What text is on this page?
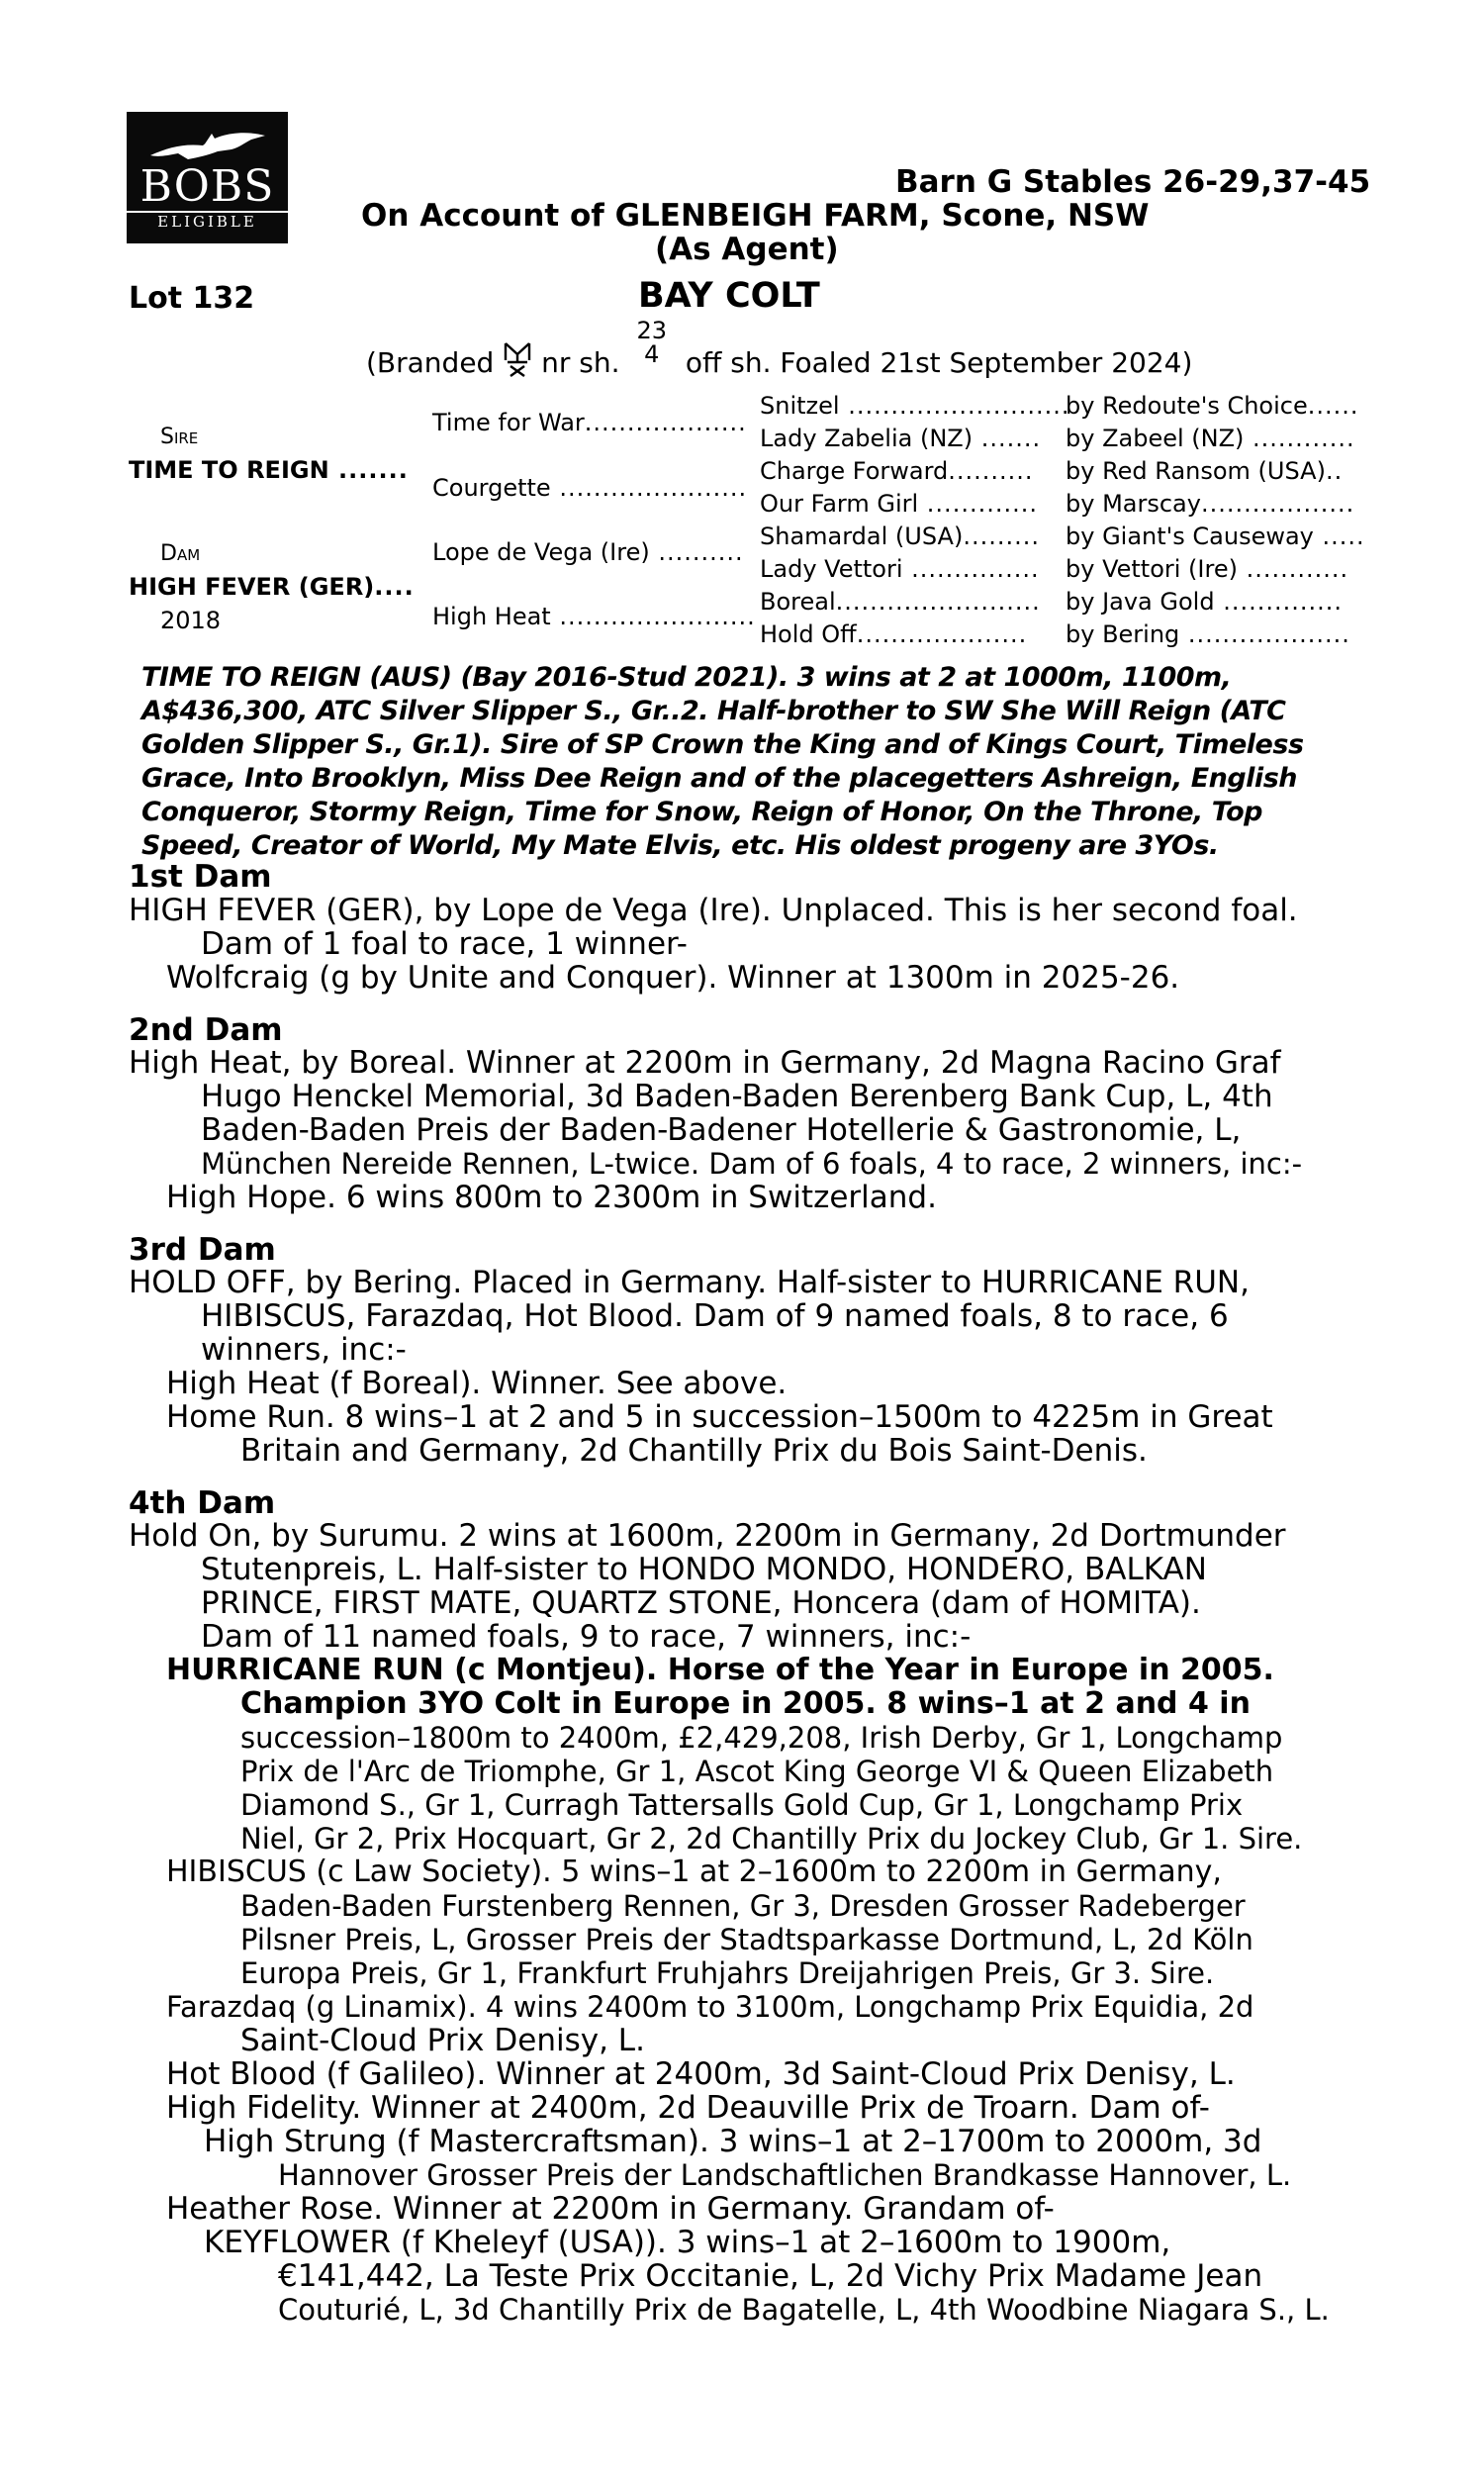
BOBS
ELIGIBLE
Barn G Stables 26-29,37-45
On Account of GLENBEIGH FARM, Scone, NSW
(As Agent)
Lot 132	BAY COLT
(Branded nr sh.
23
4 off sh. Foaled 21st September 2024)
Sire
TIME TO REIGN .......
Dam
HIGH FEVER (GER)....
2018
Time for War...................
Courgette ......................
Lope de Vega (Ire) ..........
High Heat .......................
Snitzel ..........................
Lady Zabelia (NZ) .......
Charge Forward..........
Our Farm Girl .............
Shamardal (USA).........
Lady Vettori ...............
Boreal........................
Hold Off....................
by Redoute's Choice......
by Zabeel (NZ) ............
by Red Ransom (USA)..
by Marscay..................
by Giant's Causeway .....
by Vettori (Ire) ............
by Java Gold ..............
by Bering ...................
TIME TO REIGN (AUS) (Bay 2016-Stud 2021). 3 wins at 2 at 1000m, 1100m,
A$436,300, ATC Silver Slipper S., Gr..2. Half-brother to SW She Will Reign (ATC
Golden Slipper S., Gr.1). Sire of SP Crown the King and of Kings Court, Timeless
Grace, Into Brooklyn, Miss Dee Reign and of the placegetters Ashreign, English
Conqueror, Stormy Reign, Time for Snow, Reign of Honor, On the Throne, Top
Speed, Creator of World, My Mate Elvis, etc. His oldest progeny are 3YOs.
1st Dam
HIGH FEVER (GER), by Lope de Vega (Ire). Unplaced. This is her second foal.
Dam of 1 foal to race, 1 winner-
Wolfcraig (g by Unite and Conquer). Winner at 1300m in 2025-26.
2nd Dam
High Heat, by Boreal. Winner at 2200m in Germany, 2d Magna Racino Graf
Hugo Henckel Memorial, 3d Baden-Baden Berenberg Bank Cup, L, 4th
Baden-Baden Preis der Baden-Badener Hotellerie & Gastronomie, L,
München Nereide Rennen, L-twice. Dam of 6 foals, 4 to race, 2 winners, inc:-
High Hope. 6 wins 800m to 2300m in Switzerland.
3rd Dam
HOLD OFF, by Bering. Placed in Germany. Half-sister to HURRICANE RUN,
HIBISCUS, Farazdaq, Hot Blood. Dam of 9 named foals, 8 to race, 6
winners, inc:-
High Heat (f Boreal). Winner. See above.
Home Run. 8 wins–1 at 2 and 5 in succession–1500m to 4225m in Great
Britain and Germany, 2d Chantilly Prix du Bois Saint-Denis.
4th Dam
Hold On, by Surumu. 2 wins at 1600m, 2200m in Germany, 2d Dortmunder
Stutenpreis, L. Half-sister to HONDO MONDO, HONDERO, BALKAN
PRINCE, FIRST MATE, QUARTZ STONE, Honcera (dam of HOMITA).
Dam of 11 named foals, 9 to race, 7 winners, inc:-
HURRICANE RUN (c Montjeu). Horse of the Year in Europe in 2005.
Champion 3YO Colt in Europe in 2005. 8 wins–1 at 2 and 4 in
succession–1800m to 2400m, £2,429,208, Irish Derby, Gr 1, Longchamp
Prix de l'Arc de Triomphe, Gr 1, Ascot King George VI & Queen Elizabeth
Diamond S., Gr 1, Curragh Tattersalls Gold Cup, Gr 1, Longchamp Prix
Niel, Gr 2, Prix Hocquart, Gr 2, 2d Chantilly Prix du Jockey Club, Gr 1. Sire.
HIBISCUS (c Law Society). 5 wins–1 at 2–1600m to 2200m in Germany,
Baden-Baden Furstenberg Rennen, Gr 3, Dresden Grosser Radeberger
Pilsner Preis, L, Grosser Preis der Stadtsparkasse Dortmund, L, 2d Köln
Europa Preis, Gr 1, Frankfurt Fruhjahrs Dreijahrigen Preis, Gr 3. Sire.
Farazdaq (g Linamix). 4 wins 2400m to 3100m, Longchamp Prix Equidia, 2d
Saint-Cloud Prix Denisy, L.
Hot Blood (f Galileo). Winner at 2400m, 3d Saint-Cloud Prix Denisy, L.
High Fidelity. Winner at 2400m, 2d Deauville Prix de Troarn. Dam of-
High Strung (f Mastercraftsman). 3 wins–1 at 2–1700m to 2000m, 3d
Hannover Grosser Preis der Landschaftlichen Brandkasse Hannover, L.
Heather Rose. Winner at 2200m in Germany. Grandam of-
KEYFLOWER (f Kheleyf (USA)). 3 wins–1 at 2–1600m to 1900m,
€141,442, La Teste Prix Occitanie, L, 2d Vichy Prix Madame Jean
Couturié, L, 3d Chantilly Prix de Bagatelle, L, 4th Woodbine Niagara S., L.
